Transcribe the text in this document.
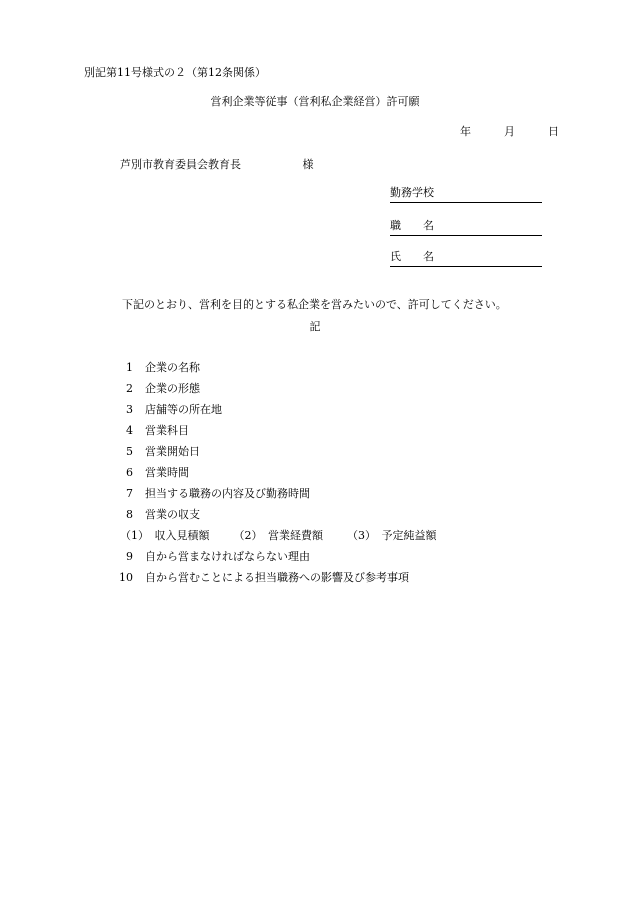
別記第11号様式の２（第12条関係）
営利企業等従事（営利私企業経営）許可願
年	月	日
芦別市教育委員会教育長	様
勤務学校
職　　名
氏　　名
下記のとおり、営利を目的とする私企業を営みたいので、許可してください。
記
1　 企業の名称
2　 企業の形態
3　 店舗等の所在地
4　 営業科目
5　 営業開始日
6　 営業時間
7　 担当する職務の内容及び勤務時間
8　 営業の収支
（1）　収入見積額 （2）　営業経費額 （3）　予定純益額
9　 自から営まなければならない理由
10　 自から営むことによる担当職務への影響及び参考事項
